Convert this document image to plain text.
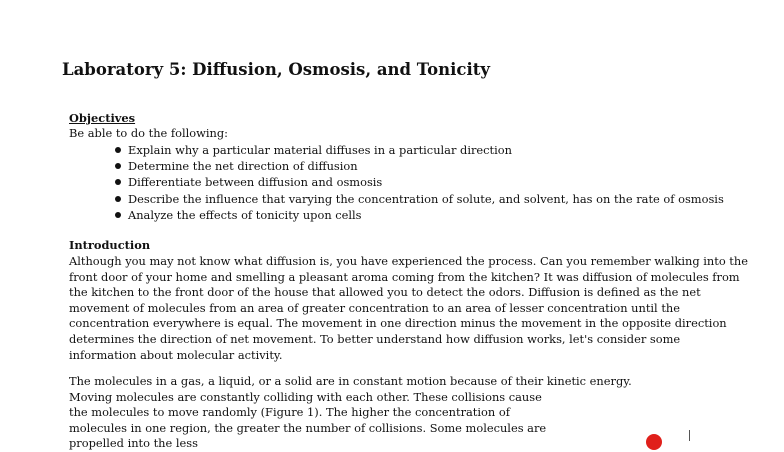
Laboratory 5: Diffusion, Osmosis, and Tonicity
Objectives
Be able to do the following:
Explain why a particular material diffuses in a particular direction
Determine the net direction of diffusion
Differentiate between diffusion and osmosis
Describe the influence that varying the concentration of solute, and solvent, has on the rate of osmosis
Analyze the effects of tonicity upon cells
Introduction
Although you may not know what diffusion is, you have experienced the process. Can you remember walking into the
front door of your home and smelling a pleasant aroma coming from the kitchen? It was diffusion of molecules from
the kitchen to the front door of the house that allowed you to detect the odors. Diffusion is defined as the net
movement of molecules from an area of greater concentration to an area of lesser concentration until the
concentration everywhere is equal. The movement in one direction minus the movement in the opposite direction
determines the direction of net movement. To better understand how diffusion works, let's consider some
information about molecular activity.
The molecules in a gas, a liquid, or a solid are in constant motion because of their kinetic energy.
Moving molecules are constantly colliding with each other. These collisions cause
the molecules to move randomly (Figure 1). The higher the concentration of
molecules in one region, the greater the number of collisions. Some molecules are
propelled into the less
